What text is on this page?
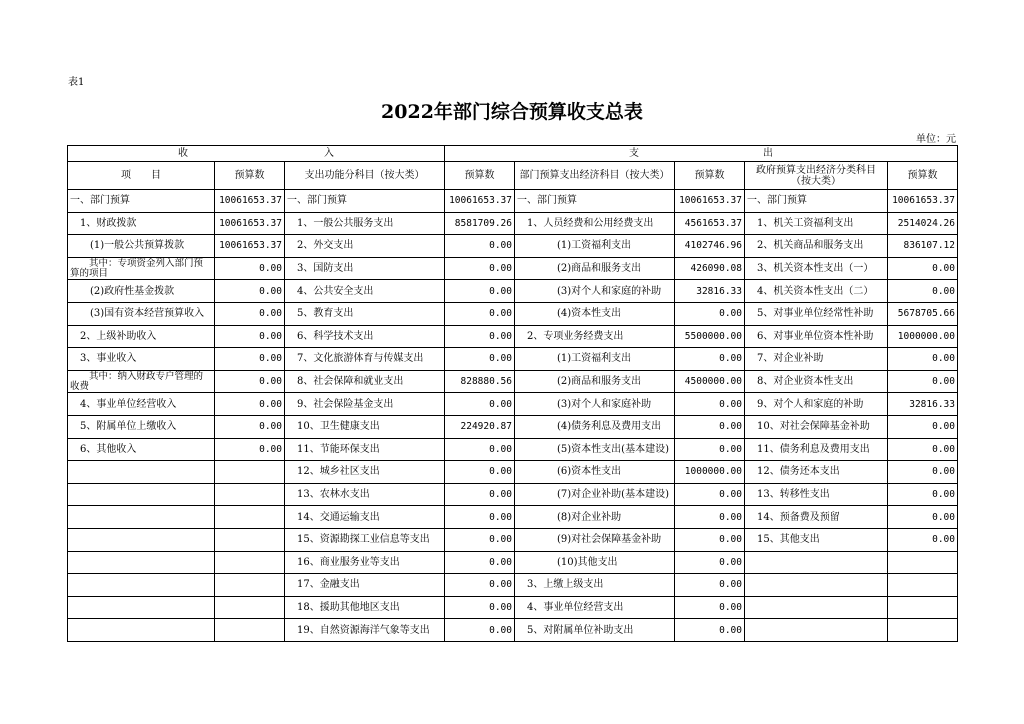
表1
2022年部门综合预算收支总表
单位：元
收 入			支 出				

项　　目	预算数	支出功能分科目（按大类）	预算数	部门预算支出经济科目（按大类）	预算数	政府预算支出经济分类科目（按大类）	预算数
一、部门预算	10061653.37	一、部门预算	10061653.37	一、部门预算	10061653.37	一、部门预算	10061653.37
　1、财政拨款	10061653.37	　1、一般公共服务支出	8581709.26	　1、人员经费和公用经费支出	4561653.37	　1、机关工资福利支出	2514024.26
　　(1)一般公共预算拨款	10061653.37	　2、外交支出	0.00	　　　　(1)工资福利支出	4102746.96	　2、机关商品和服务支出	836107.12
　　其中：专项资金列入部门预算的项目	0.00	　3、国防支出	0.00	　　　　(2)商品和服务支出	426090.08	　3、机关资本性支出（一）	0.00
　　(2)政府性基金拨款	0.00	　4、公共安全支出	0.00	　　　　(3)对个人和家庭的补助	32816.33	　4、机关资本性支出（二）	0.00
　　(3)国有资本经营预算收入	0.00	　5、教育支出	0.00	　　　　(4)资本性支出	0.00	　5、对事业单位经常性补助	5678705.66
　2、上级补助收入	0.00	　6、科学技术支出	0.00	　2、专项业务经费支出	5500000.00	　6、对事业单位资本性补助	1000000.00
　3、事业收入	0.00	　7、文化旅游体育与传媒支出	0.00	　　　　(1)工资福利支出	0.00	　7、对企业补助	0.00
　　其中：纳入财政专户管理的收费	0.00	　8、社会保障和就业支出	828880.56	　　　　(2)商品和服务支出	4500000.00	　8、对企业资本性支出	0.00
　4、事业单位经营收入	0.00	　9、社会保险基金支出	0.00	　　　　(3)对个人和家庭补助	0.00	　9、对个人和家庭的补助	32816.33
　5、附属单位上缴收入	0.00	　10、卫生健康支出	224920.87	　　　　(4)债务利息及费用支出	0.00	　10、对社会保障基金补助	0.00
　6、其他收入	0.00	　11、节能环保支出	0.00	　　　　(5)资本性支出(基本建设)	0.00	　11、债务利息及费用支出	0.00
		　12、城乡社区支出	0.00	　　　　(6)资本性支出	1000000.00	　12、债务还本支出	0.00
		　13、农林水支出	0.00	　　　　(7)对企业补助(基本建设)	0.00	　13、转移性支出	0.00
		　14、交通运输支出	0.00	　　　　(8)对企业补助	0.00	　14、预备费及预留	0.00
		　15、资源勘探工业信息等支出	0.00	　　　　(9)对社会保障基金补助	0.00	　15、其他支出	0.00
		　16、商业服务业等支出	0.00	　　　　(10)其他支出	0.00		
		　17、金融支出	0.00	　3、上缴上级支出	0.00		
		　18、援助其他地区支出	0.00	　4、事业单位经营支出	0.00		
		　19、自然资源海洋气象等支出	0.00	　5、对附属单位补助支出	0.00		
